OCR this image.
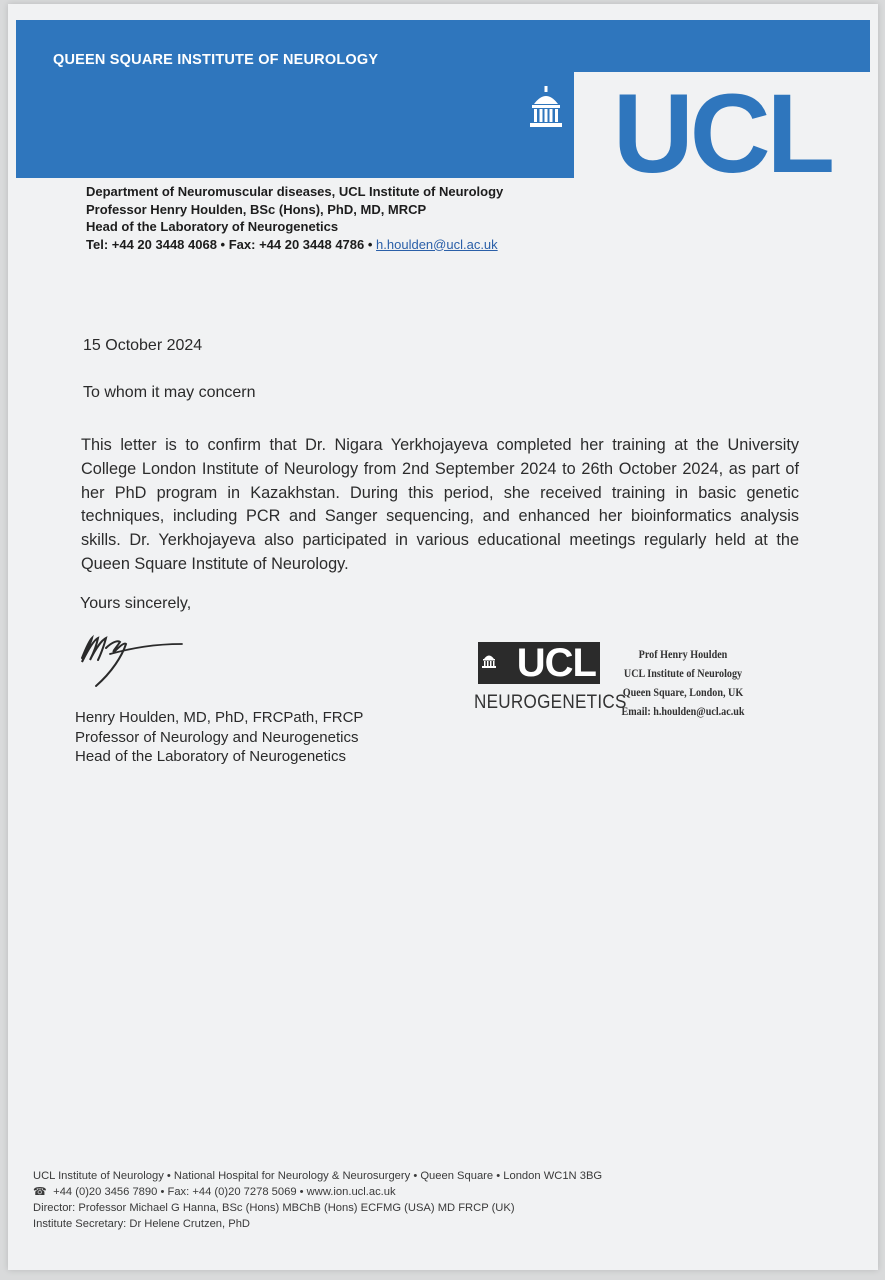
QUEEN SQUARE INSTITUTE OF NEUROLOGY
UCL
Department of Neuromuscular diseases, UCL Institute of Neurology
Professor Henry Houlden, BSc (Hons), PhD, MD, MRCP
Head of the Laboratory of Neurogenetics
Tel: +44 20 3448 4068 • Fax: +44 20 3448 4786 • h.houlden@ucl.ac.uk
15 October 2024
To whom it may concern
This letter is to confirm that Dr. Nigara Yerkhojayeva completed her training at the University College London Institute of Neurology from 2nd September 2024 to 26th October 2024, as part of her PhD program in Kazakhstan. During this period, she received training in basic genetic techniques, including PCR and Sanger sequencing, and enhanced her bioinformatics analysis skills. Dr. Yerkhojayeva also participated in various educational meetings regularly held at the Queen Square Institute of Neurology.
Yours sincerely,
Henry Houlden, MD, PhD, FRCPath, FRCP
Professor of Neurology and Neurogenetics
Head of the Laboratory of Neurogenetics
UCL
NEUROGENETICS
Prof Henry Houlden
UCL Institute of Neurology
Queen Square, London, UK
Email: h.houlden@ucl.ac.uk
UCL Institute of Neurology • National Hospital for Neurology & Neurosurgery • Queen Square • London WC1N 3BG
☎  +44 (0)20 3456 7890 • Fax: +44 (0)20 7278 5069 • www.ion.ucl.ac.uk
Director: Professor Michael G Hanna, BSc (Hons) MBChB (Hons) ECFMG (USA) MD FRCP (UK)
Institute Secretary: Dr Helene Crutzen, PhD
